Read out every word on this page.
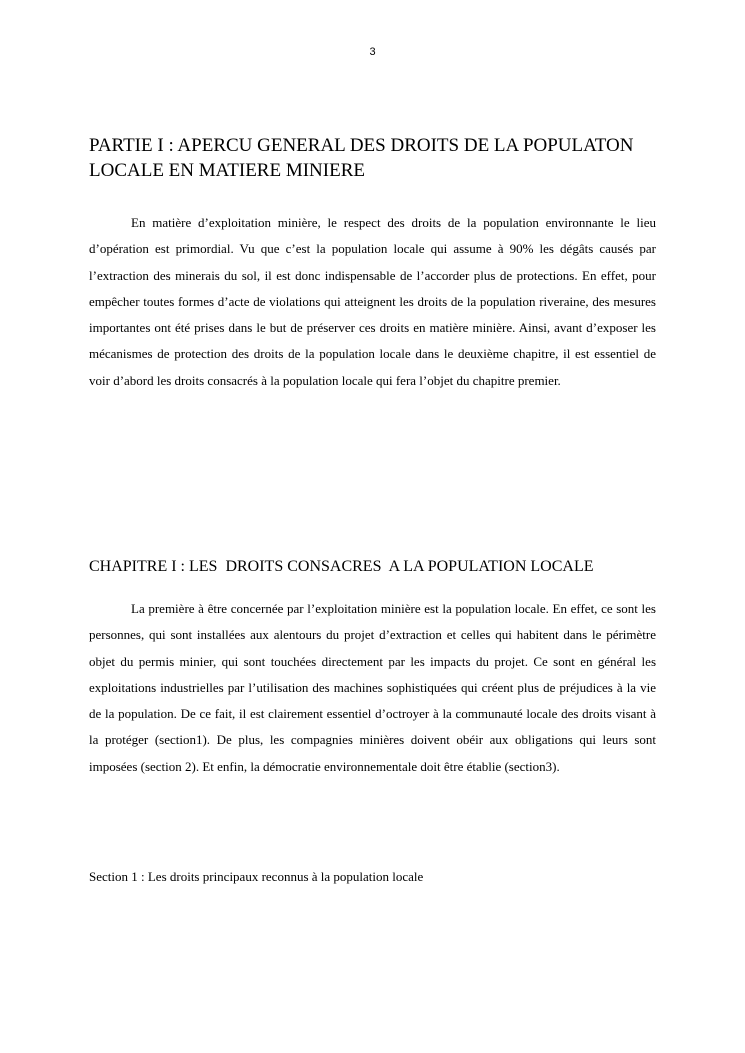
3
PARTIE I : APERCU GENERAL DES DROITS DE LA POPULATON LOCALE EN MATIERE MINIERE

En matière d’exploitation minière, le respect des droits de la population environnante le lieu d’opération est primordial. Vu que c’est la population locale qui assume à 90% les dégâts causés par l’extraction des minerais du sol, il est donc indispensable de l’accorder plus de protections. En effet, pour empêcher toutes formes d’acte de violations qui atteignent les droits de la population riveraine, des mesures importantes ont été prises dans le but de préserver ces droits en matière minière. Ainsi, avant d’exposer les mécanismes de protection des droits de la population locale dans le deuxième chapitre, il est essentiel de voir d’abord les droits consacrés à la population locale qui fera l’objet du chapitre premier.

CHAPITRE I : LES  DROITS CONSACRES  A LA POPULATION LOCALE

La première à être concernée par l’exploitation minière est la population locale. En effet, ce sont les personnes, qui sont installées aux alentours du projet d’extraction et celles qui habitent dans le périmètre objet du permis minier, qui sont touchées directement par les impacts du projet. Ce sont en général les exploitations industrielles par l’utilisation des machines sophistiquées qui créent plus de préjudices à la vie de la population. De ce fait, il est clairement essentiel d’octroyer à la communauté locale des droits visant à la protéger (section1). De plus, les compagnies minières doivent obéir aux obligations qui leurs sont imposées (section 2). Et enfin, la démocratie environnementale doit être établie (section3).

Section 1 : Les droits principaux reconnus à la population locale
